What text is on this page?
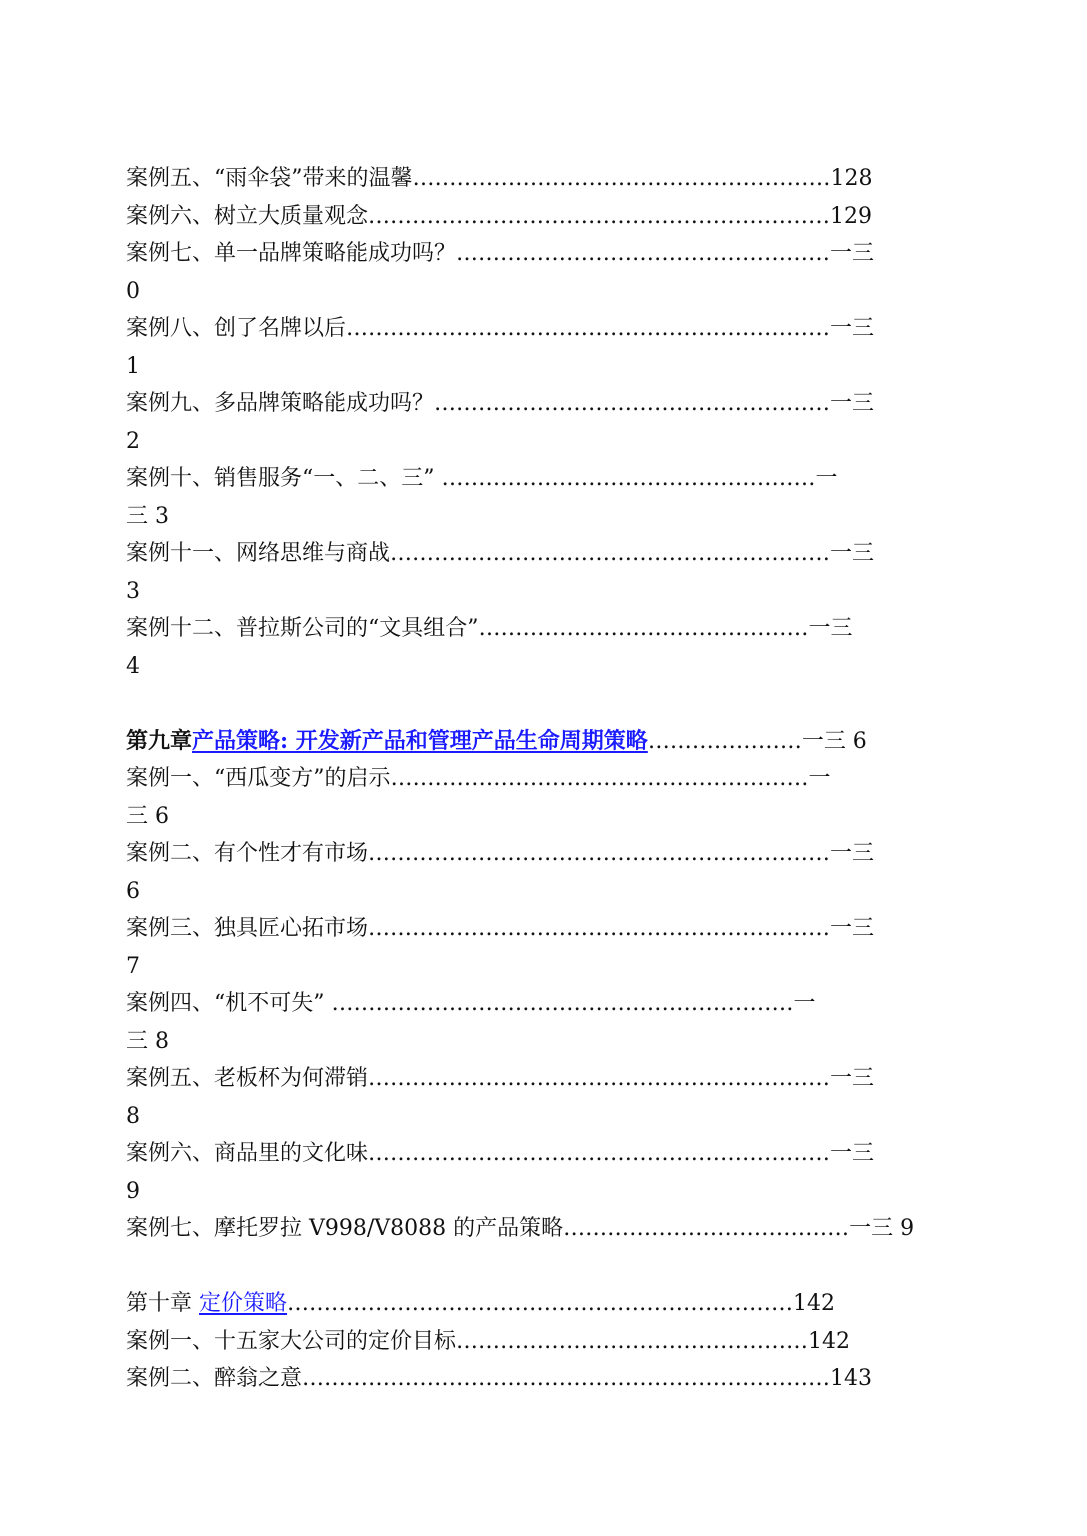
案例五、“雨伞袋”带来的温馨…………………………………………………128
案例六、树立大质量观念………………………………………………………129
案例七、单一品牌策略能成功吗？……………………………………………一三
0
案例八、创了名牌以后…………………………………………………………一三
1
案例九、多品牌策略能成功吗？………………………………………………一三
2
案例十、销售服务“一、二、三” ……………………………………………一
三 3
案例十一、网络思维与商战……………………………………………………一三
3
案例十二、普拉斯公司的“文具组合”………………………………………一三
4
第九章产品策略: 开发新产品和管理产品生命周期策略…………………一三 6
案例一、“西瓜变方”的启示…………………………………………………一
三 6
案例二、有个性才有市场………………………………………………………一三
6
案例三、独具匠心拓市场………………………………………………………一三
7
案例四、“机不可失” ………………………………………………………一
三 8
案例五、老板杯为何滞销………………………………………………………一三
8
案例六、商品里的文化味………………………………………………………一三
9
案例七、摩托罗拉 V998/V8088 的产品策略…………………………………一三 9
第十章 定价策略……………………………………………………………142
案例一、十五家大公司的定价目标…………………………………………142
案例二、醉翁之意………………………………………………………………143
